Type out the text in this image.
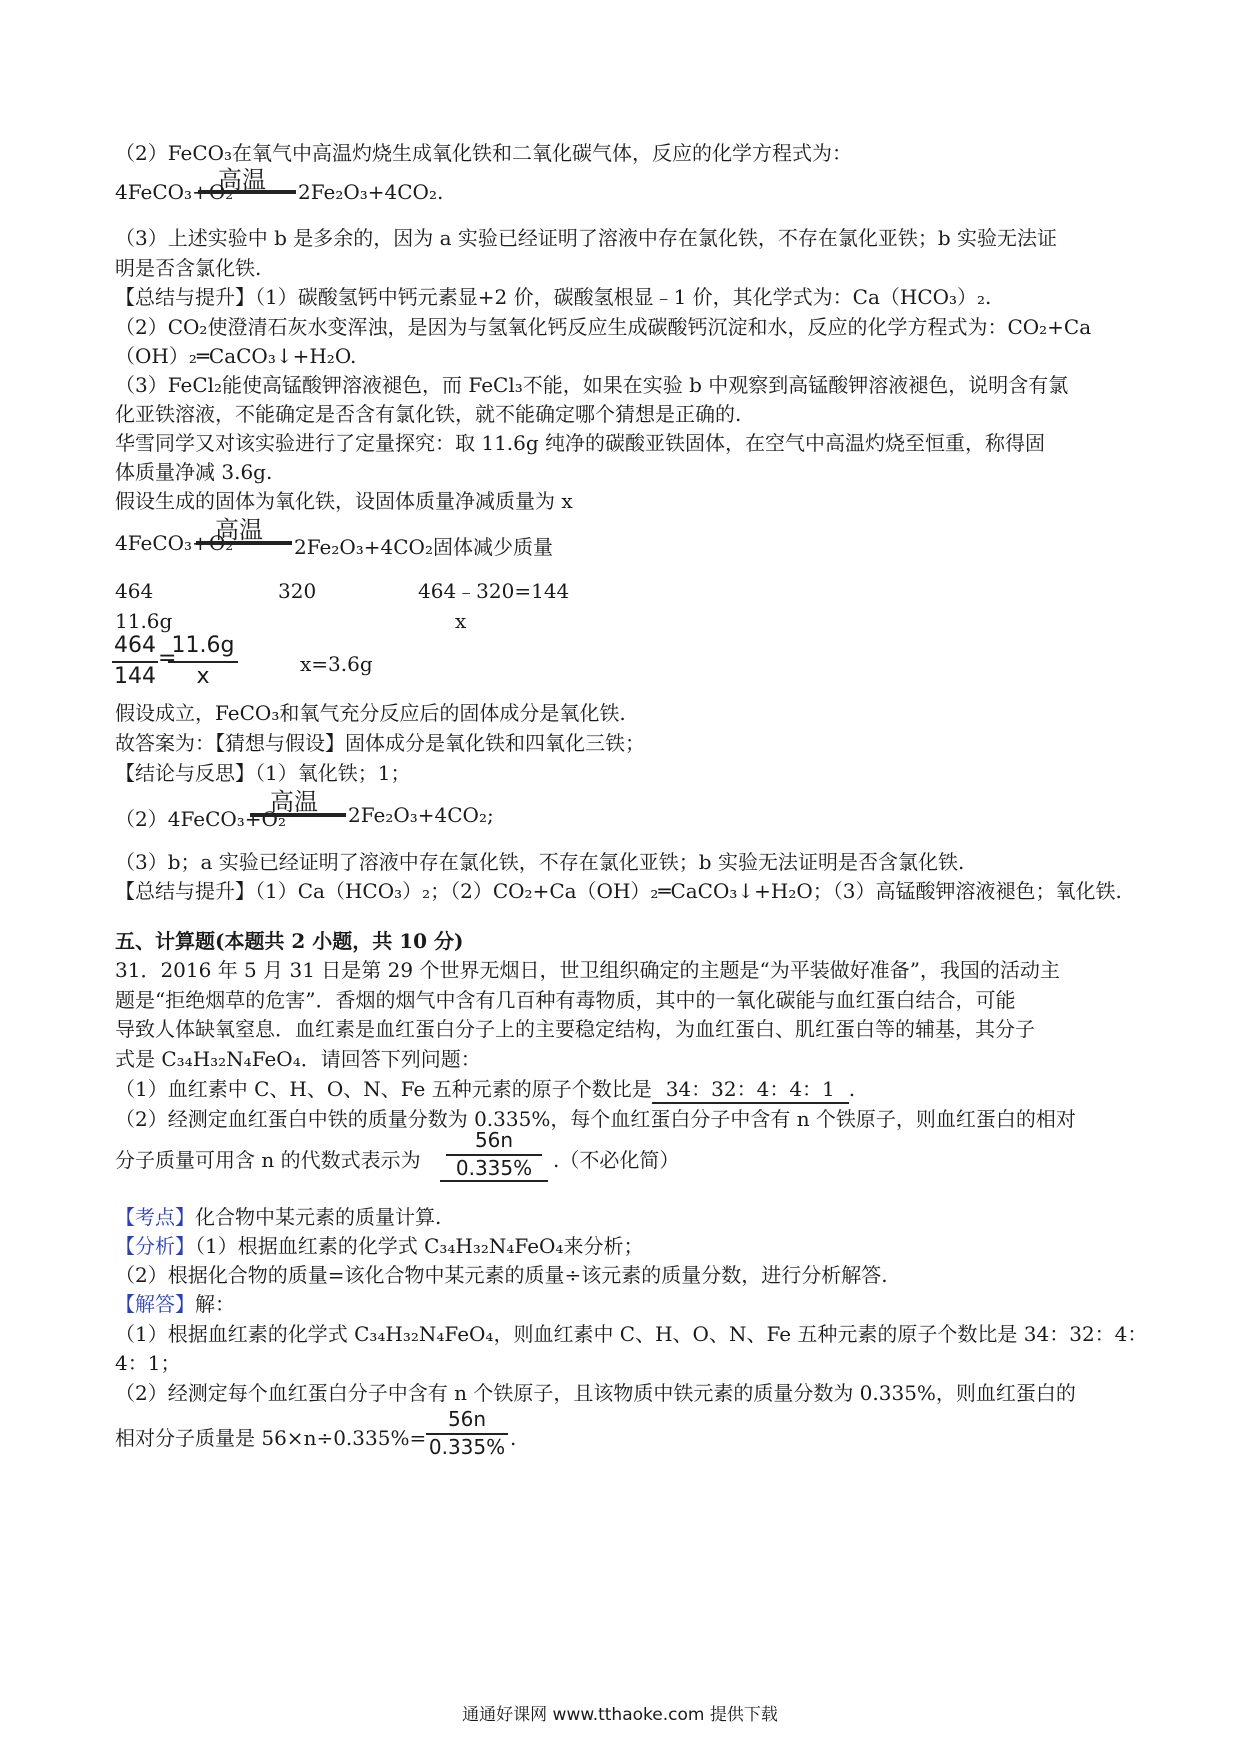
（2）FeCO₃在氧气中高温灼烧生成氧化铁和二氧化碳气体，反应的化学方程式为：
4FeCO₃+O₂
高温 2Fe₂O₃+4CO₂.
（3）上述实验中 b 是多余的，因为 a 实验已经证明了溶液中存在氯化铁，不存在氯化亚铁；b 实验无法证
明是否含氯化铁.
【总结与提升】（1）碳酸氢钙中钙元素显+2 价，碳酸氢根显﹣1 价，其化学式为：Ca（HCO₃）₂.
（2）CO₂使澄清石灰水变浑浊，是因为与氢氧化钙反应生成碳酸钙沉淀和水，反应的化学方程式为：CO₂+Ca
（OH）₂═CaCO₃↓+H₂O.
（3）FeCl₂能使高锰酸钾溶液褪色，而 FeCl₃不能，如果在实验 b 中观察到高锰酸钾溶液褪色，说明含有氯
化亚铁溶液，不能确定是否含有氯化铁，就不能确定哪个猜想是正确的.
华雪同学又对该实验进行了定量探究：取 11.6g 纯净的碳酸亚铁固体，在空气中高温灼烧至恒重，称得固
体质量净减 3.6g.
假设生成的固体为氧化铁，设固体质量净减质量为 x
4FeCO₃+O₂
高温
2Fe₂O₃+4CO₂固体减少质量
464	320	464﹣320=144
11.6g	x
464
144
=
11.6g
x	x=3.6g
假设成立，FeCO₃和氧气充分反应后的固体成分是氧化铁.
故答案为：【猜想与假设】固体成分是氧化铁和四氧化三铁；
【结论与反思】（1）氧化铁；1；
（2）4FeCO₃+O₂
高温 2Fe₂O₃+4CO₂;
（3）b；a 实验已经证明了溶液中存在氯化铁，不存在氯化亚铁；b 实验无法证明是否含氯化铁.
【总结与提升】（1）Ca（HCO₃）₂；（2）CO₂+Ca（OH）₂═CaCO₃↓+H₂O；（3）高锰酸钾溶液褪色；氧化铁.
五、计算题(本题共 2 小题，共 10 分)
31．2016 年 5 月 31 日是第 29 个世界无烟日，世卫组织确定的主题是“为平装做好准备”，我国的活动主
题是“拒绝烟草的危害”．香烟的烟气中含有几百种有毒物质，其中的一氧化碳能与血红蛋白结合，可能
导致人体缺氧窒息．血红素是血红蛋白分子上的主要稳定结构，为血红蛋白、肌红蛋白等的辅基，其分子
式是 C₃₄H₃₂N₄FeO₄．请回答下列问题：
（1）血红素中 C、H、O、N、Fe 五种元素的原子个数比是 34：32：4：4：1 .
（2）经测定血红蛋白中铁的质量分数为 0.335%，每个血红蛋白分子中含有 n 个铁原子，则血红蛋白的相对
分子质量可用含 n 的代数式表示为
56n
0.335%	.（不必化简）
【考点】化合物中某元素的质量计算.
【分析】（1）根据血红素的化学式 C₃₄H₃₂N₄FeO₄来分析；
（2）根据化合物的质量=该化合物中某元素的质量÷该元素的质量分数，进行分析解答.
【解答】解：
（1）根据血红素的化学式 C₃₄H₃₂N₄FeO₄，则血红素中 C、H、O、N、Fe 五种元素的原子个数比是 34：32：4：
4：1；
（2）经测定每个血红蛋白分子中含有 n 个铁原子，且该物质中铁元素的质量分数为 0.335%，则血红蛋白的
相对分子质量是 56×n÷0.335%=
56n
0.335% .
通通好课网 www.tthaoke.com 提供下载
